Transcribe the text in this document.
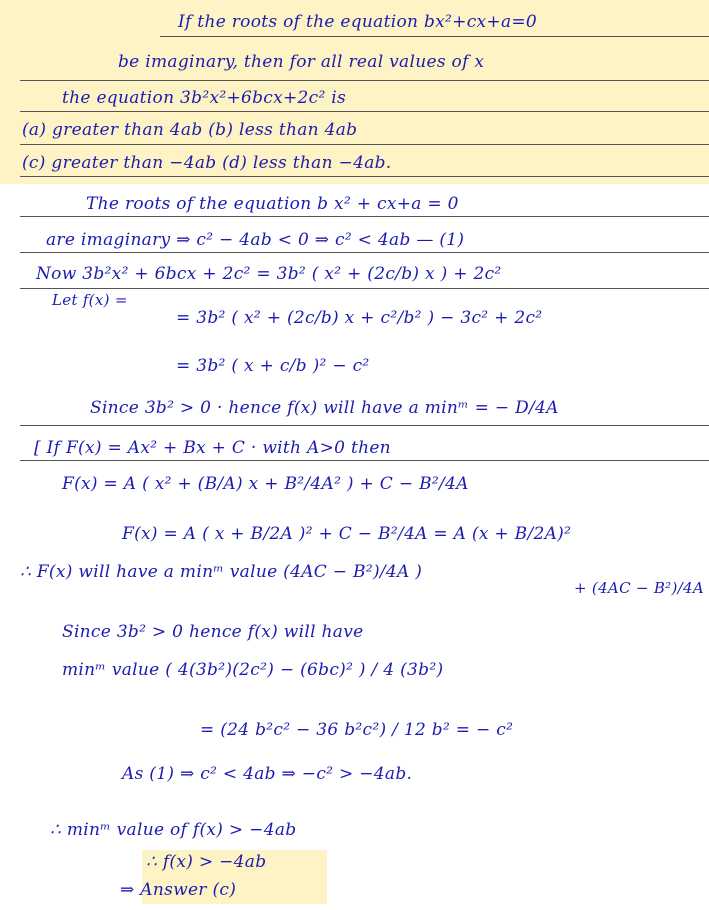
If the roots of the equation bx²+cx+a=0
be imaginary, then for all real values of x
the equation 3b²x²+6bcx+2c² is
(a) greater than 4ab (b) less than 4ab
(c) greater than −4ab (d) less than −4ab.
The roots of the equation b x² + cx+a = 0
are imaginary ⇒ c² − 4ab < 0 ⇒ c² < 4ab — (1)
Now 3b²x² + 6bcx + 2c² = 3b² ( x² + (2c/b) x ) + 2c²
Let f(x) =
= 3b² ( x² + (2c/b) x + c²/b² ) − 3c² + 2c²
= 3b² ( x + c/b )² − c²
Since 3b² > 0 · hence f(x) will have a minᵐ = − D/4A
[ If F(x) = Ax² + Bx + C · with A>0 then
F(x) = A ( x² + (B/A) x + B²/4A² ) + C − B²/4A
F(x) = A ( x + B/2A )² + C − B²/4A = A (x + B/2A)²
∴ F(x) will have a minᵐ value (4AC − B²)/4A )
+ (4AC − B²)/4A
Since 3b² > 0 hence f(x) will have
minᵐ value ( 4(3b²)(2c²) − (6bc)² ) / 4 (3b²)
= (24 b²c² − 36 b²c²) / 12 b² = − c²
As (1) ⇒ c² < 4ab ⇒ −c² > −4ab.
∴ minᵐ value of f(x) > −4ab
∴ f(x) > −4ab
⇒ Answer (c)
